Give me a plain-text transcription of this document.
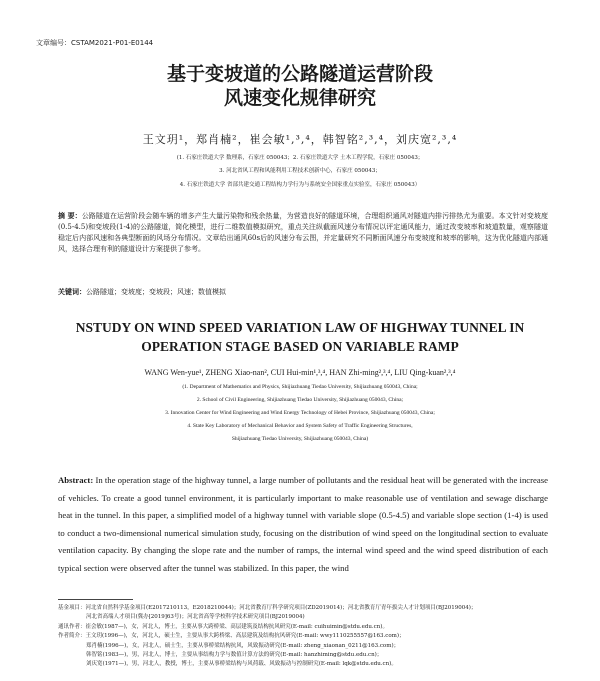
文章编号：CSTAM2021-P01-E0144
基于变坡道的公路隧道运营阶段
风速变化规律研究
王文玥¹，郑肖楠²，崔会敏¹,³,⁴，韩智铭²,³,⁴，刘庆宽²,³,⁴
(1. 石家庄铁道大学 数理系，石家庄 050043；2. 石家庄铁道大学 土木工程学院，石家庄 050043；
3. 河北省风工程和风能利用工程技术创新中心，石家庄 050043；
4. 石家庄铁道大学 省部共建交通工程结构力学行为与系统安全国家重点实验室，石家庄 050043）
摘 要：公路隧道在运营阶段会随车辆的增多产生大量污染物和残余热量，为营造良好的隧道环境，合理组织通风对隧道内排污排热尤为重要。本文针对变坡度(0.5-4.5)和变坡段(1-4)的公路隧道，简化模型，进行二维数值模拟研究，重点关注纵截面风速分布情况以评定通风能力，通过改变坡率和坡道数量，观察隧道稳定后内部风速和各典型断面的风场分布情况。文章给出通风60s后的风速分布云图，并定量研究不同断面风速分布变坡度和坡率的影响，这为优化隧道内部通风，选择合理有利的隧道设计方案提供了参考。
关键词：公路隧道；变坡度；变坡段；风速；数值模拟
NSTUDY ON WIND SPEED VARIATION LAW OF HIGHWAY TUNNEL IN
OPERATION STAGE BASED ON VARIABLE RAMP
WANG Wen-yue¹, ZHENG Xiao-nan², CUI Hui-min¹,³,⁴, HAN Zhi-ming²,³,⁴, LIU Qing-kuan²,³,⁴
(1. Department of Mathematics and Physics, Shijiazhuang Tiedao University, Shijiazhuang 050043, China;
2. School of Civil Engineering, Shijiazhuang Tiedao University, Shijiazhuang 050043, China;
3. Innovation Center for Wind Engineering and Wind Energy Technology of Hebei Province, Shijiazhuang 050043, China;
4. State Key Laboratory of Mechanical Behavior and System Safety of Traffic Engineering Structures,
Shijiazhuang Tiedao University, Shijiazhuang 050043, China)
Abstract: In the operation stage of the highway tunnel, a large number of pollutants and the residual heat will be generated with the increase of vehicles. To create a good tunnel environment, it is particularly important to make reasonable use of ventilation and sewage discharge heat in the tunnel. In this paper, a simplified model of a highway tunnel with variable slope (0.5-4.5) and variable slope section (1-4) is used to conduct a two-dimensional numerical simulation study, focusing on the distribution of wind speed on the longitudinal section to evaluate ventilation capacity. By changing the slope rate and the number of ramps, the internal wind speed and the wind speed distribution of each typical section were observed after the tunnel was stabilized. In this paper, the wind
基金项目：河北省自然科学基金项目(E2017210113，E2018210044)；河北省教育厅科学研究项目(ZD2019014)；河北省教育厅青年拔尖人才计划项目(BJ2019004)；
河北省高端人才项目(冀办[2019]63号)；河北省高等学校科学技术研究项目(BJ2019004)
通讯作者：崔会敏(1987—)，女，河北人，博士，主要从事大跨桥梁、高层建筑及结构抗风研究(E-mail: cuihuimin@stdu.edu.cn)。
作者简介：王文玥(1996—)，女，河北人，硕士生，主要从事大跨桥梁、高层建筑及结构抗风研究(E-mail: wwy1110255557@163.com)；
郑肖楠(1996—)，女，河北人，硕士生，主要从事桥梁结构抗风，风致振动研究(E-mail: zheng_xiaonan_0211@163.com)；
韩智铭(1983—)，男，河北人，博士，主要从事结构力学与数值计算方法的研究(E-mail: hanzhiming@stdu.edu.cn)；
刘庆宽(1971—)，男，河北人，教授，博士，主要从事桥梁结构与风荷载、风致振动与控制研究(E-mail: lqk@stdu.edu.cn)。
